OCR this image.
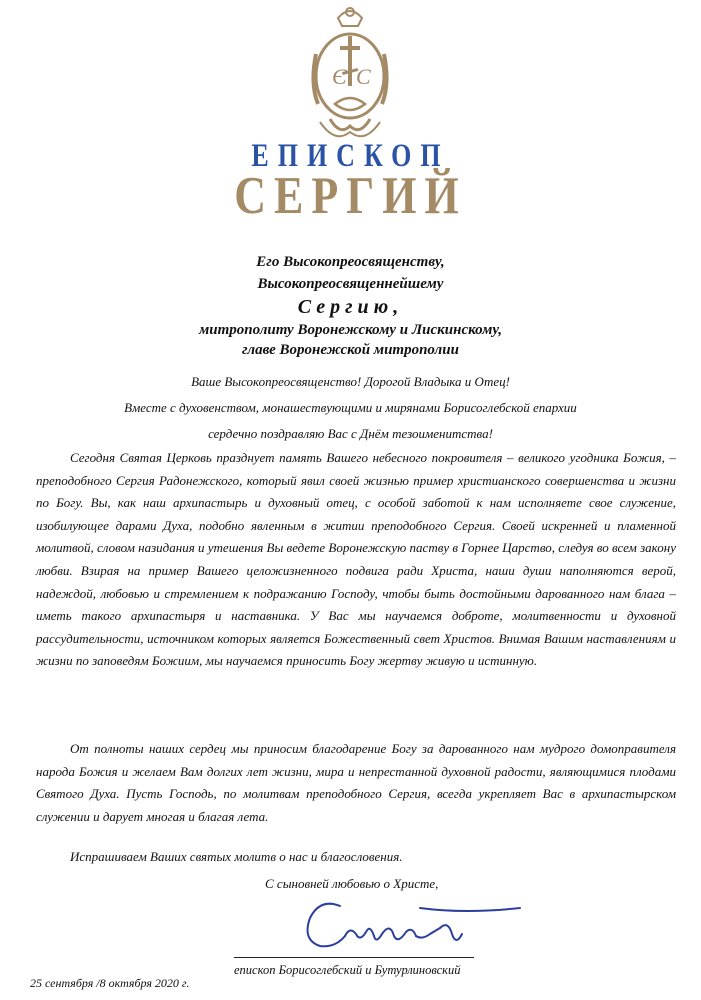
Є С
ЕПИСКОП
СЕРГИЙ
Его Высокопреосвященству,
Высокопреосвященнейшему
Сергию,
митрополиту Воронежскому и Лискинскому,
главе Воронежской митрополии
Ваше Высокопреосвященство! Дорогой Владыка и Отец!
Вместе с духовенством, монашествующими и мирянами Борисоглебской епархии
сердечно поздравляю Вас с Днём тезоименитства!

Сегодня Святая Церковь празднует память Вашего небесного покровителя – великого угодника Божия, – преподобного Сергия Радонежского, который явил своей жизнью пример христианского совершенства и жизни по Богу. Вы, как наш архипастырь и духовный отец, с особой заботой к нам исполняете свое служение, изобилующее дарами Духа, подобно явленным в житии преподобного Сергия. Своей искренней и пламенной молитвой, словом назидания и утешения Вы ведете Воронежскую паству в Горнее Царство, следуя во всем закону любви. Взирая на пример Вашего целожизненного подвига ради Христа, наши души наполняются верой, надеждой, любовью и стремлением к подражанию Господу, чтобы быть достойными дарованного нам блага – иметь такого архипастыря и наставника. У Вас мы научаемся доброте, молитвенности и духовной рассудительности, источником которых является Божественный свет Христов. Внимая Вашим наставлениям и жизни по заповедям Божиим, мы научаемся приносить Богу жертву живую и истинную.

От полноты наших сердец мы приносим благодарение Богу за дарованного нам мудрого домоправителя народа Божия и желаем Вам долгих лет жизни, мира и непрестанной духовной радости, являющимися плодами Святого Духа. Пусть Господь, по молитвам преподобного Сергия, всегда укрепляет Вас в архипастырском служении и дарует многая и благая лета.

Испрашиваем Ваших святых молитв о нас и благословения.

С сыновней любовью о Христе,
25 сентября /8 октября 2020 г.
епископ Борисоглебский и Бутурлиновский
